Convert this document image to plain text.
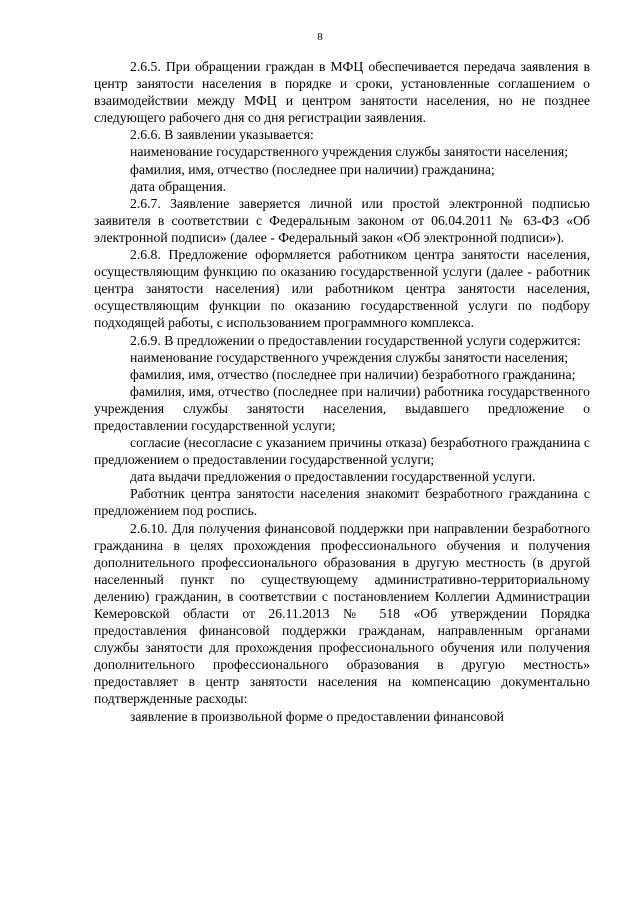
8

2.6.5. При обращении граждан в МФЦ обеспечивается передача заявления в центр занятости населения в порядке и сроки, установленные соглашением о взаимодействии между МФЦ и центром занятости населения, но не позднее следующего рабочего дня со дня регистрации заявления.

2.6.6. В заявлении указывается:

наименование государственного учреждения службы занятости населения;

фамилия, имя, отчество (последнее при наличии) гражданина;

дата обращения.

2.6.7. Заявление заверяется личной или простой электронной подписью заявителя в соответствии с Федеральным законом от 06.04.2011 № 63-ФЗ «Об электронной подписи» (далее - Федеральный закон «Об электронной подписи»).

2.6.8. Предложение оформляется работником центра занятости населения, осуществляющим функцию по оказанию государственной услуги (далее - работник центра занятости населения) или работником центра занятости населения, осуществляющим функции по оказанию государственной услуги по подбору подходящей работы, с использованием программного комплекса.

2.6.9. В предложении о предоставлении государственной услуги содержится:

наименование государственного учреждения службы занятости населения;

фамилия, имя, отчество (последнее при наличии) безработного гражданина;

фамилия, имя, отчество (последнее при наличии) работника государственного учреждения службы занятости населения, выдавшего предложение о предоставлении государственной услуги;

согласие (несогласие с указанием причины отказа) безработного гражданина с предложением о предоставлении государственной услуги;

дата выдачи предложения о предоставлении государственной услуги.

Работник центра занятости населения знакомит безработного гражданина с предложением под роспись.

2.6.10. Для получения финансовой поддержки при направлении безработного гражданина в целях прохождения профессионального обучения и получения дополнительного профессионального образования в другую местность (в другой населенный пункт по существующему административно-территориальному делению) гражданин, в соответствии с постановлением Коллегии Администрации Кемеровской области от 26.11.2013 № 518 «Об утверждении Порядка предоставления финансовой поддержки гражданам, направленным органами службы занятости для прохождения профессионального обучения или получения дополнительного профессионального образования в другую местность» предоставляет в центр занятости населения на компенсацию документально подтвержденные расходы:

заявление в произвольной форме о предоставлении финансовой
